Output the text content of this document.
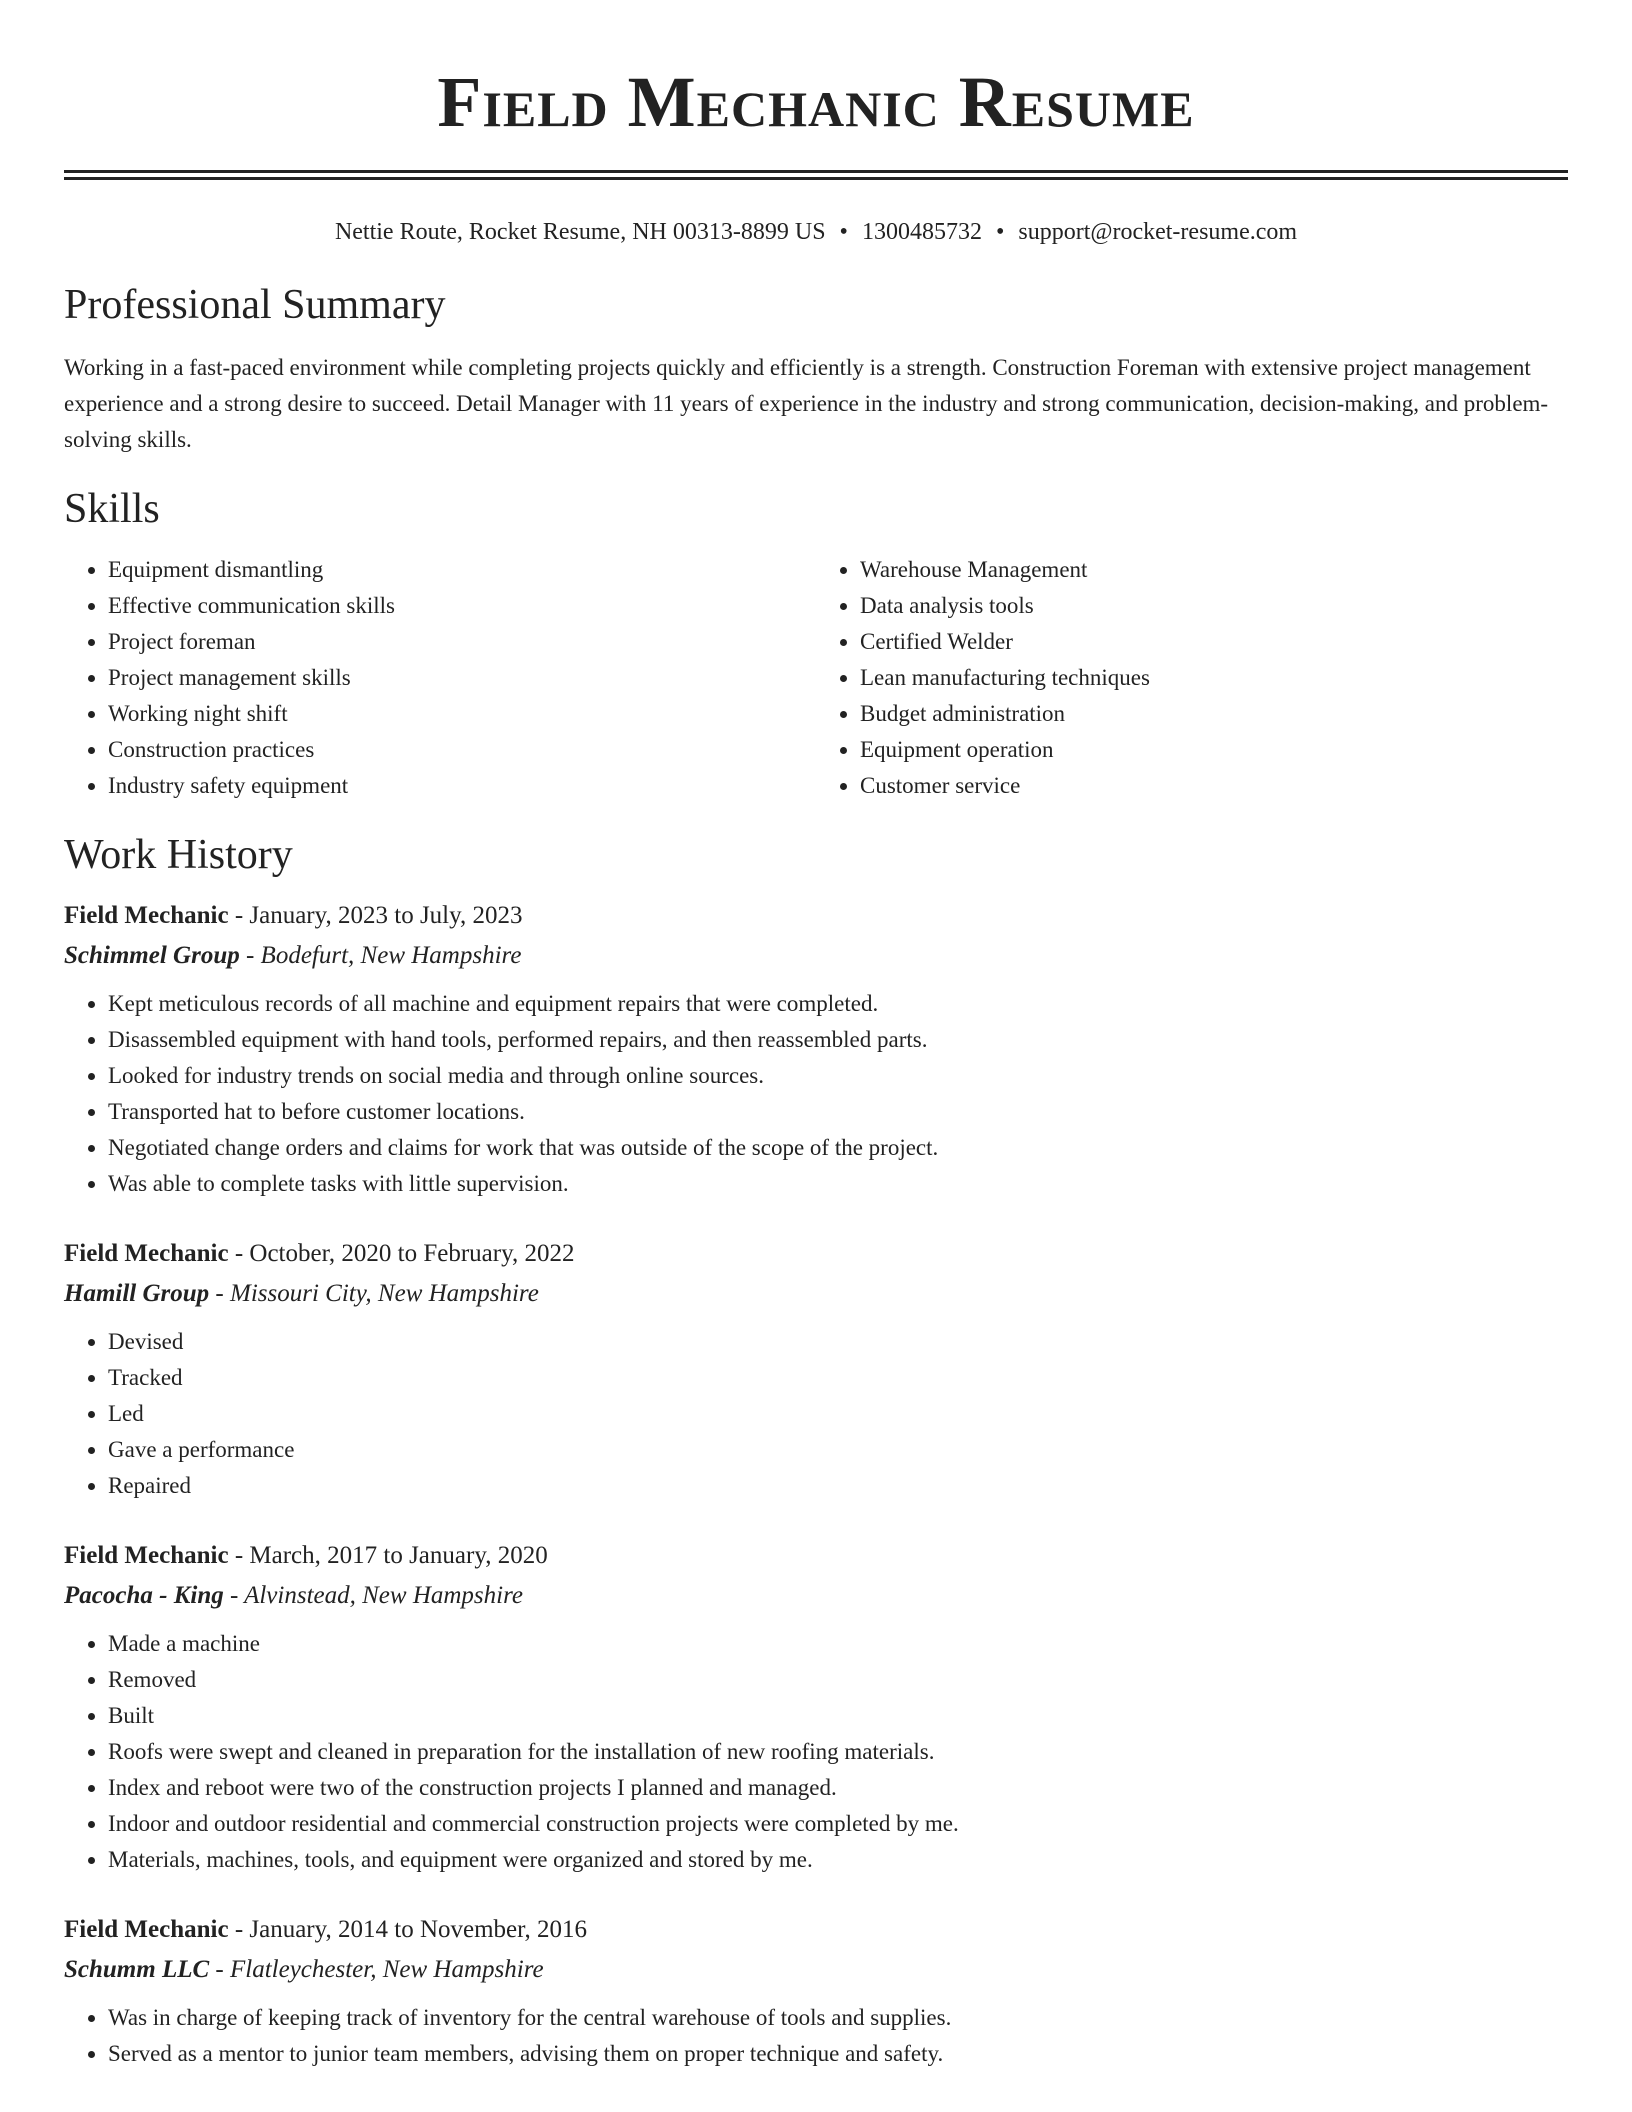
Field Mechanic Resume
Nettie Route, Rocket Resume, NH 00313-8899 US • 1300485732 • support@rocket-resume.com
Professional Summary

Working in a fast-paced environment while completing projects quickly and efficiently is a strength. Construction Foreman with extensive project management experience and a strong desire to succeed. Detail Manager with 11 years of experience in the industry and strong communication, decision-making, and problem-solving skills.

Skills
• Equipment dismantling
• Effective communication skills
• Project foreman
• Project management skills
• Working night shift
• Construction practices
• Industry safety equipment
• Warehouse Management
• Data analysis tools
• Certified Welder
• Lean manufacturing techniques
• Budget administration
• Equipment operation
• Customer service
Work History

Field Mechanic - January, 2023 to July, 2023

Schimmel Group - Bodefurt, New Hampshire

• Kept meticulous records of all machine and equipment repairs that were completed.
• Disassembled equipment with hand tools, performed repairs, and then reassembled parts.
• Looked for industry trends on social media and through online sources.
• Transported hat to before customer locations.
• Negotiated change orders and claims for work that was outside of the scope of the project.
• Was able to complete tasks with little supervision.

Field Mechanic - October, 2020 to February, 2022

Hamill Group - Missouri City, New Hampshire

• Devised
• Tracked
• Led
• Gave a performance
• Repaired

Field Mechanic - March, 2017 to January, 2020

Pacocha - King - Alvinstead, New Hampshire

• Made a machine
• Removed
• Built
• Roofs were swept and cleaned in preparation for the installation of new roofing materials.
• Index and reboot were two of the construction projects I planned and managed.
• Indoor and outdoor residential and commercial construction projects were completed by me.
• Materials, machines, tools, and equipment were organized and stored by me.

Field Mechanic - January, 2014 to November, 2016

Schumm LLC - Flatleychester, New Hampshire

• Was in charge of keeping track of inventory for the central warehouse of tools and supplies.
• Served as a mentor to junior team members, advising them on proper technique and safety.
